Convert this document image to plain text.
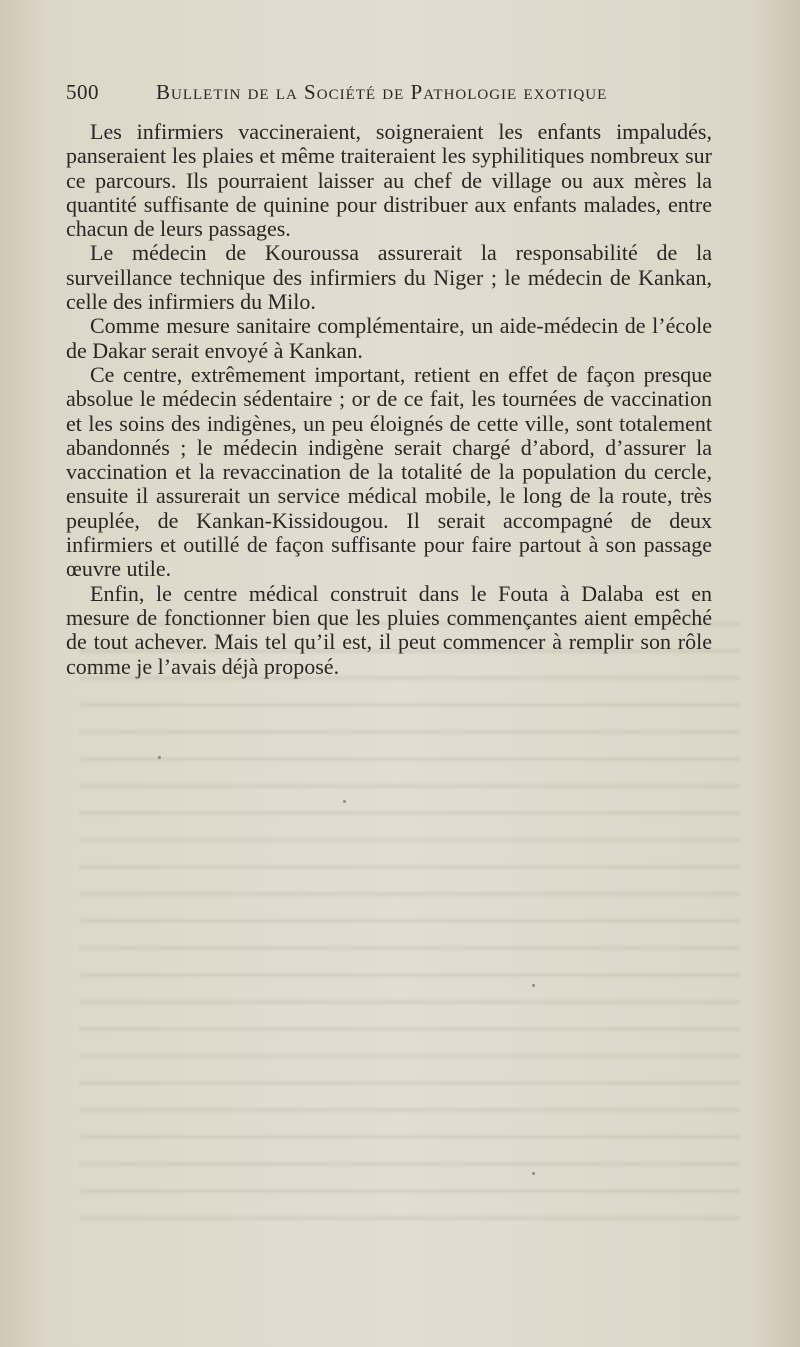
500	Bulletin de la Société de Pathologie exotique

Les infirmiers vaccineraient, soigneraient les enfants impaludés, panseraient les plaies et même traiteraient les syphilitiques nombreux sur ce parcours. Ils pourraient laisser au chef de village ou aux mères la quantité suffisante de quinine pour distribuer aux enfants malades, entre chacun de leurs passages.

Le médecin de Kouroussa assurerait la responsabilité de la surveillance technique des infirmiers du Niger ; le médecin de Kankan, celle des infirmiers du Milo.

Comme mesure sanitaire complémentaire, un aide-médecin de l’école de Dakar serait envoyé à Kankan.

Ce centre, extrêmement important, retient en effet de façon presque absolue le médecin sédentaire ; or de ce fait, les tournées de vaccination et les soins des indigènes, un peu éloignés de cette ville, sont totalement abandonnés ; le médecin indigène serait chargé d’abord, d’assurer la vaccination et la revaccination de la totalité de la population du cercle, ensuite il assurerait un service médical mobile, le long de la route, très peuplée, de Kankan-Kissidougou. Il serait accompagné de deux infirmiers et outillé de façon suffisante pour faire partout à son passage œuvre utile.

Enfin, le centre médical construit dans le Fouta à Dalaba est en mesure de fonctionner bien que les pluies commençantes aient empêché de tout achever. Mais tel qu’il est, il peut commencer à remplir son rôle comme je l’avais déjà proposé.
